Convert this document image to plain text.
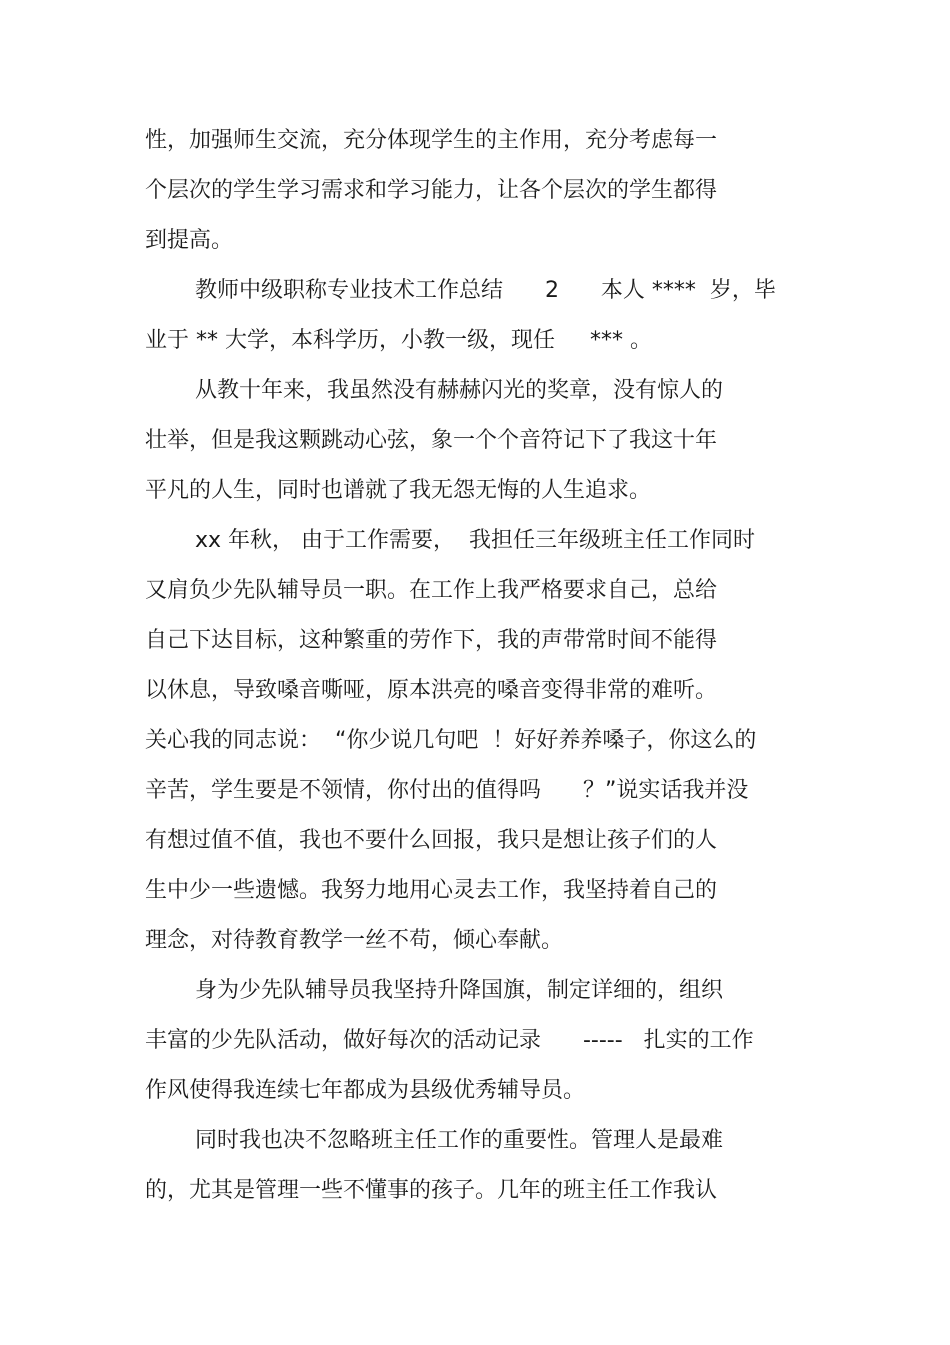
性，加强师生交流，充分体现学生的主作用，充分考虑每一
个层次的学生学习需求和学习能力，让各个层次的学生都得
到提高。
教师中级职称专业技术工作总结      2      本人 ****  岁，毕
业于 ** 大学，本科学历，小教一级，现任     *** 。
从教十年来，我虽然没有赫赫闪光的奖章，没有惊人的
壮举，但是我这颗跳动心弦，象一个个音符记下了我这十年
平凡的人生，同时也谱就了我无怨无悔的人生追求。
xx 年秋， 由于工作需要，  我担任三年级班主任工作同时
又肩负少先队辅导员一职。在工作上我严格要求自己，总给
自己下达目标，这种繁重的劳作下，我的声带常时间不能得
以休息，导致嗓音嘶哑，原本洪亮的嗓音变得非常的难听。
关心我的同志说：  “你少说几句吧  ！好好养养嗓子，你这么的
辛苦，学生要是不领情，你付出的值得吗      ？”说实话我并没
有想过值不值，我也不要什么回报，我只是想让孩子们的人
生中少一些遗憾。我努力地用心灵去工作，我坚持着自己的
理念，对待教育教学一丝不苟，倾心奉献。
身为少先队辅导员我坚持升降国旗，制定详细的，组织
丰富的少先队活动，做好每次的活动记录      -----   扎实的工作
作风使得我连续七年都成为县级优秀辅导员。
同时我也决不忽略班主任工作的重要性。管理人是最难
的，尤其是管理一些不懂事的孩子。几年的班主任工作我认
